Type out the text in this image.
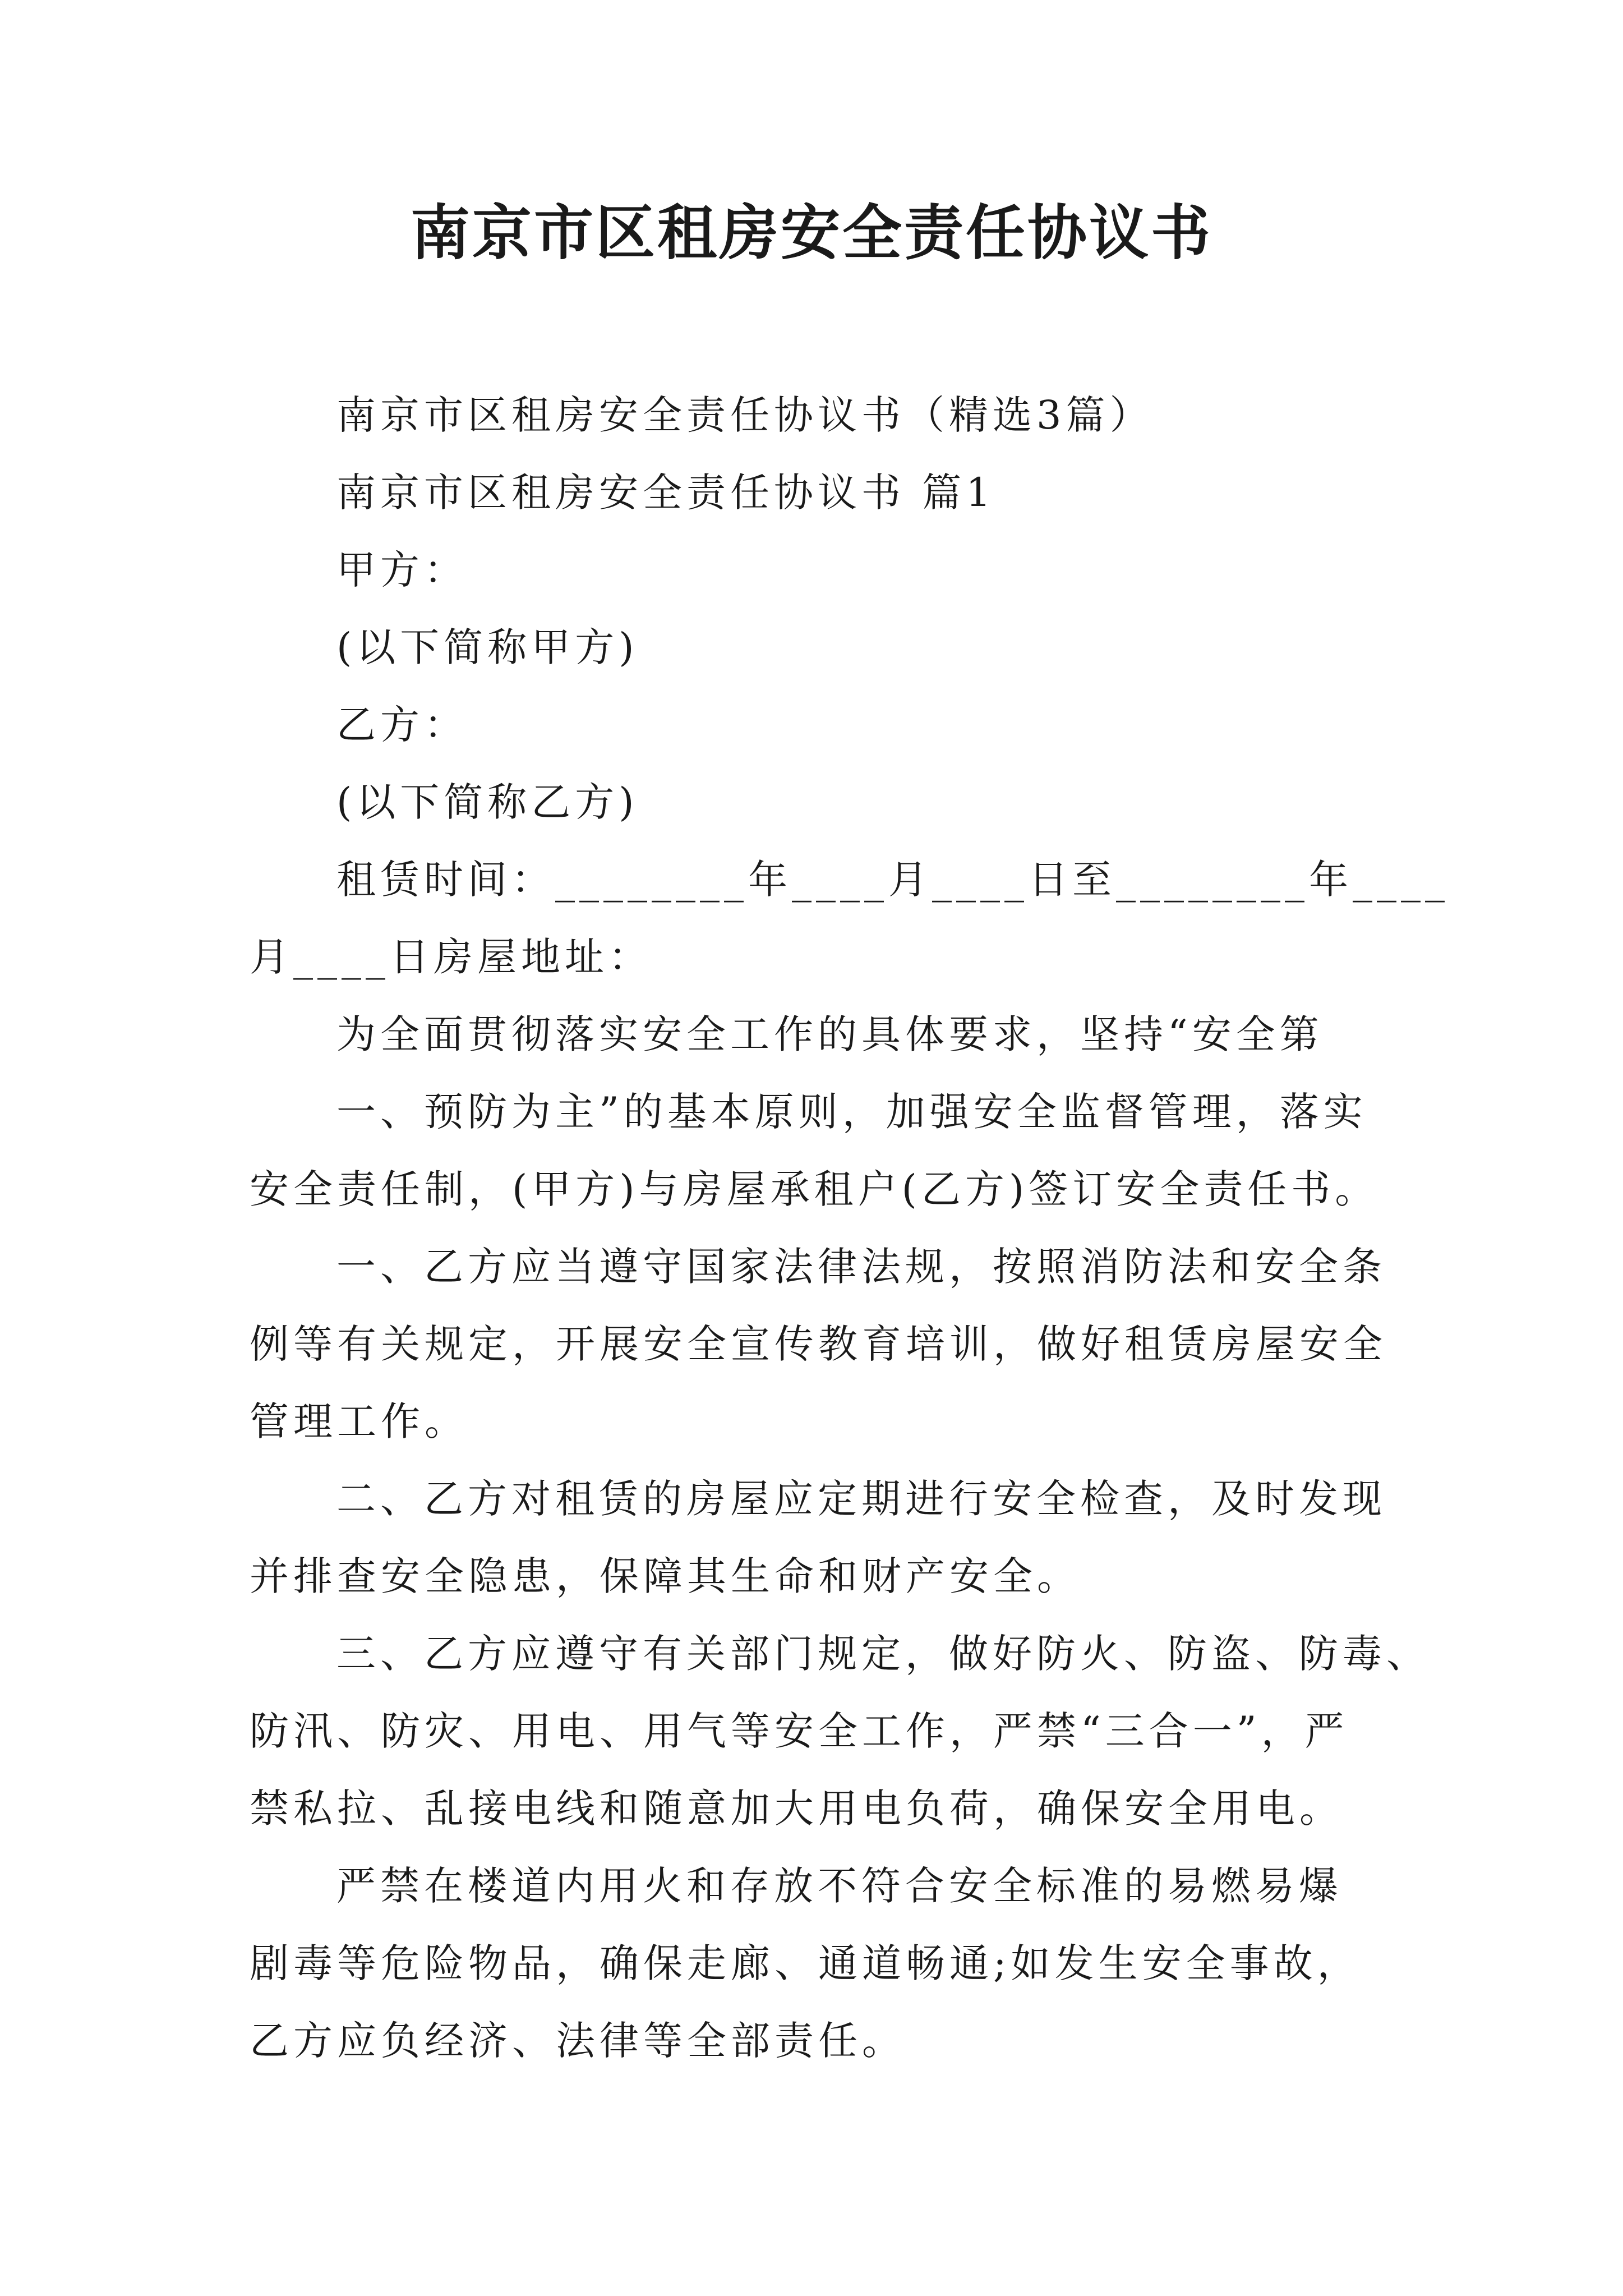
南京市区租房安全责任协议书
南京市区租房安全责任协议书（精选3篇）
南京市区租房安全责任协议书 篇1
甲方：
(以下简称甲方)
乙方：
(以下简称乙方)
租赁时间：________年____月____日至________年____
月____日房屋地址：
为全面贯彻落实安全工作的具体要求，坚持“安全第
一、预防为主”的基本原则，加强安全监督管理，落实
安全责任制，(甲方)与房屋承租户(乙方)签订安全责任书。
一、乙方应当遵守国家法律法规，按照消防法和安全条
例等有关规定，开展安全宣传教育培训，做好租赁房屋安全
管理工作。
二、乙方对租赁的房屋应定期进行安全检查，及时发现
并排查安全隐患，保障其生命和财产安全。
三、乙方应遵守有关部门规定，做好防火、防盗、防毒、
防汛、防灾、用电、用气等安全工作，严禁“三合一”，严
禁私拉、乱接电线和随意加大用电负荷，确保安全用电。
严禁在楼道内用火和存放不符合安全标准的易燃易爆
剧毒等危险物品，确保走廊、通道畅通;如发生安全事故，
乙方应负经济、法律等全部责任。
